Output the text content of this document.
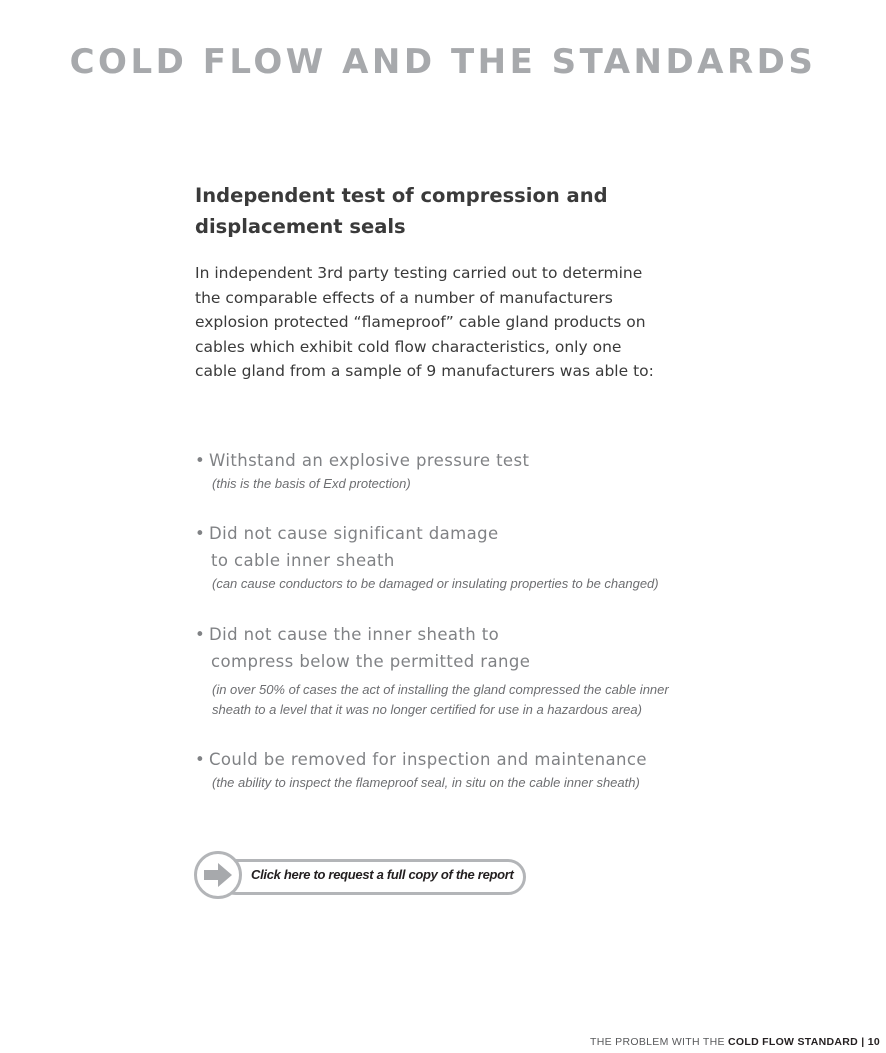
COLD FLOW AND THE STANDARDS
Independent test of compression and
displacement seals
In independent 3rd party testing carried out to determine the comparable effects of a number of manufacturers explosion protected “flameproof” cable gland products on cables which exhibit cold flow characteristics, only one cable gland from a sample of 9 manufacturers was able to:
• Withstand an explosive pressure test
(this is the basis of Exd protection)
• Did not cause significant damage
to cable inner sheath
(can cause conductors to be damaged or insulating properties to be changed)
• Did not cause the inner sheath to
compress below the permitted range
(in over 50% of cases the act of installing the gland compressed the cable inner sheath to a level that it was no longer certified for use in a hazardous area)
• Could be removed for inspection and maintenance
(the ability to inspect the flameproof seal, in situ on the cable inner sheath)
Click here to request a full copy of the report
THE PROBLEM WITH THE COLD FLOW STANDARD | 10
